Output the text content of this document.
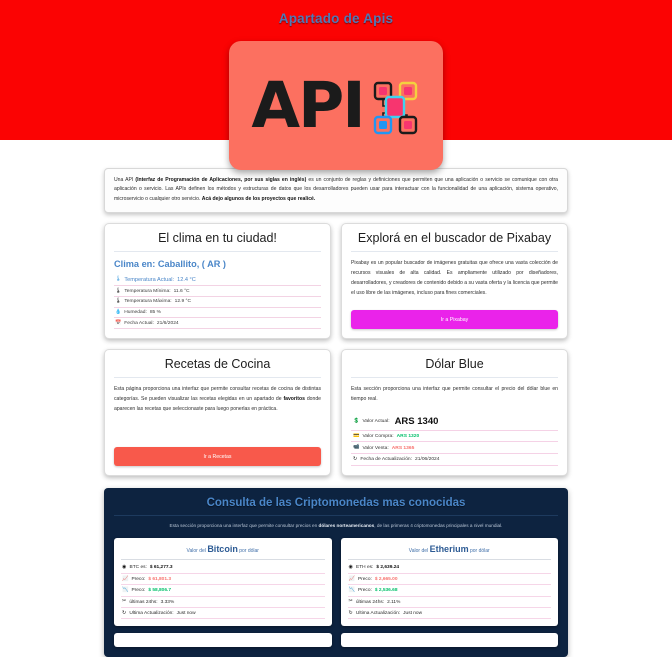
Apartado de Apis
API
Una API (Interfaz de Programación de Aplicaciones, por sus siglas en inglés) es un conjunto de reglas y definiciones que permiten que una aplicación o servicio se comunique con otra aplicación o servicio. Las APIs definen los métodos y estructuras de datos que los desarrolladores pueden usar para interactuar con la funcionalidad de una aplicación, sistema operativo, microservicio o cualquier otro servicio. Acá dejo algunos de los proyectos que realicé.
El clima en tu ciudad!
Clima en: Caballito, ( AR )
🌡 Temperatura Actual: 12.4 °C
🌡 Temperatura Mínima: 11.6 °C
🌡 Temperatura Máxima: 12.9 °C
💧 Humedad: 85 %
📅 Fecha Actual: 21/6/2024
Explorá en el buscador de Pixabay

Pixabay es un popular buscador de imágenes gratuitas que ofrece una vasta colección de recursos visuales de alta calidad. Es ampliamente utilizado por diseñadores, desarrolladores, y creadores de contenido debido a su vasta oferta y la licencia que permite el uso libre de las imágenes, incluso para fines comerciales.

Ir a Pixabay
Recetas de Cocina

Esta página proporciona una interfaz que permite consultar recetas de cocina de distintas categorías. Se pueden visualizar las recetas elegidas en un apartado de favoritos donde aparecen las recetas que seleccionaste para luego ponerlas en práctica.

Ir a Recetas
Dólar Blue

Esta sección proporciona una interfaz que permite consultar el precio del dólar blue en tiempo real.

💲 Valor Actual: ARS 1340
💳 Valor Compra: ARS 1320
📹 Valor Venta: ARS 1365
↻ Fecha de Actualización: 21/06/2024
Consulta de las Criptomonedas mas conocidas

Esta sección proporciona una interfaz que permite consultar precios en dólares norteamericanos, de las primeras 4 criptomonedas principales a nivel mundial.

Valor del Bitcoin por dólar
◉ BTC es: $ 61,277.3
📈 Preco: $ 61,801.3
📉 Preco: $ 58,806.7
✂ últimas 24hs: 3.33%
↻ Ultima Actualización: Just now
Valor del Etherium por dólar
◉ ETH es: $ 2,639.24
📈 Preco: $ 2,665.00
📉 Preco: $ 2,536.68
✂ últimas 24hs: 2.11%
↻ Ultima Actualización: Just now
